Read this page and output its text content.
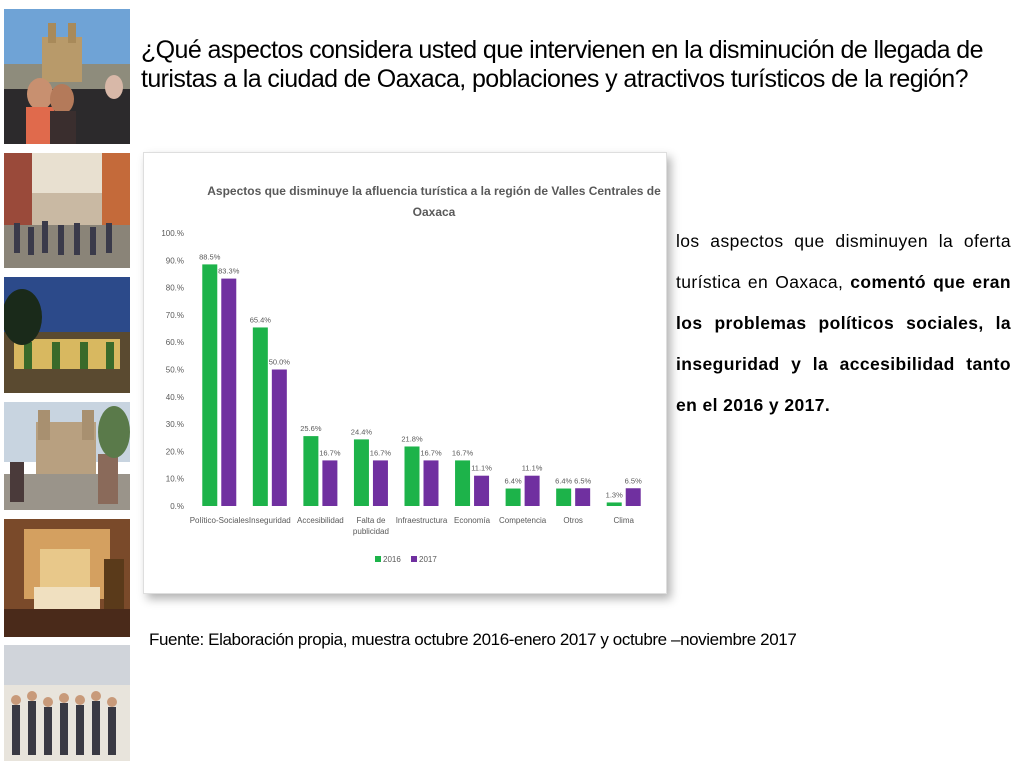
¿Qué aspectos considera usted que intervienen en la disminución de llegada de turistas a la ciudad de Oaxaca, poblaciones y atractivos turísticos de la región?
Aspectos que disminuye la afluencia turística a la región de Valles Centrales de
Oaxaca
0.%
10.%
20.%
30.%
40.%
50.%
60.%
70.%
80.%
90.%
100.%
88.5%
83.3%
65.4%
50.0%
25.6%
16.7%
24.4%
16.7%
21.8%
16.7% 16.7%
11.1%
6.4%
11.1%
6.4% 6.5%
1.3%
6.5%
Político-Sociales Inseguridad Accesibilidad	Falta de publicidad
Infraestructura Economía Competencia Otros	Clima
2016 2017

los aspectos que disminuyen la oferta turística en Oaxaca, comentó que eran los problemas políticos sociales, la inseguridad y la accesibilidad tanto en el 2016 y 2017.

Fuente: Elaboración propia, muestra octubre 2016-enero 2017 y octubre –noviembre 2017
